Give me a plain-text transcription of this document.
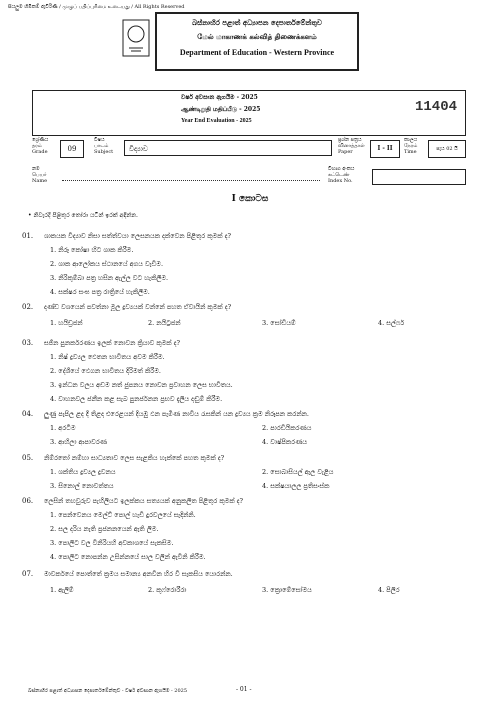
සියලුම හිමිකම් ඇවිරිණි / முழுப் பதிப்புரிமை உடையது / All Rights Reserved
බස්නාහිර පළාත් අධ්‍යාපන දෙපාර්තමේන්තුව
மேல் மாகாணக் கல்வித் திணைக்களம்
Department of Education - Western Province
වර්ෂ අවසාන ඇගයීම - 2025
ஆண்டிறுதி மதிப்பீடு - 2025
Year End Evaluation - 2025
11404
ශ්‍රේණිය
தரம்
Grade	09
විෂය
பாடம்
Subject	විද්‍යාව
ප්‍රශ්න පත්‍රය
வினாத்தாள்
Paper	I - II
කාලය
நேரம்
Time	පැය 02 යි
නම
பெயர்
Name
විභාග අංකය
சுட்டெண்
Index No.
I කොටස
• නිවැරදි පිළිතුර තෝරා යටින් ඉරක් අඳින්න.
01. ශාකයක විද්‍යාව නිසා සත්ත්වයා ලෙසනයක දක්වෙන පිළිතුර කුමක් ද?
1. නිරූ කෝෂා හිට ශාක කිරීම.
2. ශාක ආලෝකය ස්ථානයේ අගය වැඩීම.
3. නිරිකුම්බා පත්‍ර හසින ඇල්ල වට හැකිලීම.
4. සක්ෂර සංඝ පත්‍ර රාත්‍රියේ හැකිලීම.
02. දණ්ඩ වශයෙන් පවත්නා මූල ද්‍රව්‍යයක් වන්නේ පහත ඒවායින් කුමක් ද?
1. හයිඩ්‍රජන්	2. නයිට්‍රජන්	3. සෝඩියම්	4. සල්ෆර්
03. සජීන පුනර්කරණය ඉලක් නොවන ක්‍රියාව කුමක් ද?
1. නිෂ් ද්‍රව්‍යල ඵෙතන භාවිතය අවම කිරීම.
2. දේශීයේ ඵෙගන භාවිතය දිරිමත් කිරීම.
3. ඉන්ධන වලය අඩම නත් ජුපනය නොවන ප්‍රවාහන ලෙස භාවිතය.
4. වාහනවල ජනීන කළ සැබ පුනර්ජනන ප්‍රභව දැලිය දඬුම් කිරීම.
04. ලුණු පැපිල ළද දී තිළද එරෙළයන් දියඹු ඵන පැමිණ නාවිය රැසකින් යන ද්‍රව්‍යය ක්‍රම නිරූපන කරන්න.
1. අරටිම	2. පාරඩියිකරණය
3. ආහිලා ආපාවරණ	4. වාෂ්පිකරණය
05. නිම්රතෝ නම්හා සාධ්‍යතාව ලෙස සැළකිය හැක්කේ පහත කුමක් ද?
1. ශක්තිය ද්‍රව්‍යල ද්‍රවනය	2. සොබාසියල් ඇල වැළිය
3. සිනොල් නොවත්තය	4. සක්ෂයාලල ප්‍රතිසංස්ක
06. ලෙසින් තහවුරුව පැහිලියට ඉලක්කය සත්‍යයක් අනුකලිත පිළිතුර කුමක් ද?
1. පෙන්වෙනය මෙල්ට් පොල් හැඩි දුරවලයේ සැදින්නි.
2. සල දරිය නැති ප්‍රජනනයෙන් ඇති ලිම.
3. පොලිට වල විනිරියහි අවකාශයේ සැකසිම.
4. පොලිට නොපන්න උසින්නයේ සාල වලින් ඇවිනි කිරීම.
07. මාවර්කයේ පොත්තේ ක්‍රමය සමාන්‍ය අනවින හිර වි සැකසිය යොරන්න.
1. ඇලිම්	2. කුෆ්රොරීරා	3. ක්‍රොමේසෝමය	4. පිලිර
බස්නාහිර පළාත් අධ්‍යාපන දෙපාර්තමේන්තුව - වර්ෂ අවසාන ඇගයීම - 2025	- 01 -
